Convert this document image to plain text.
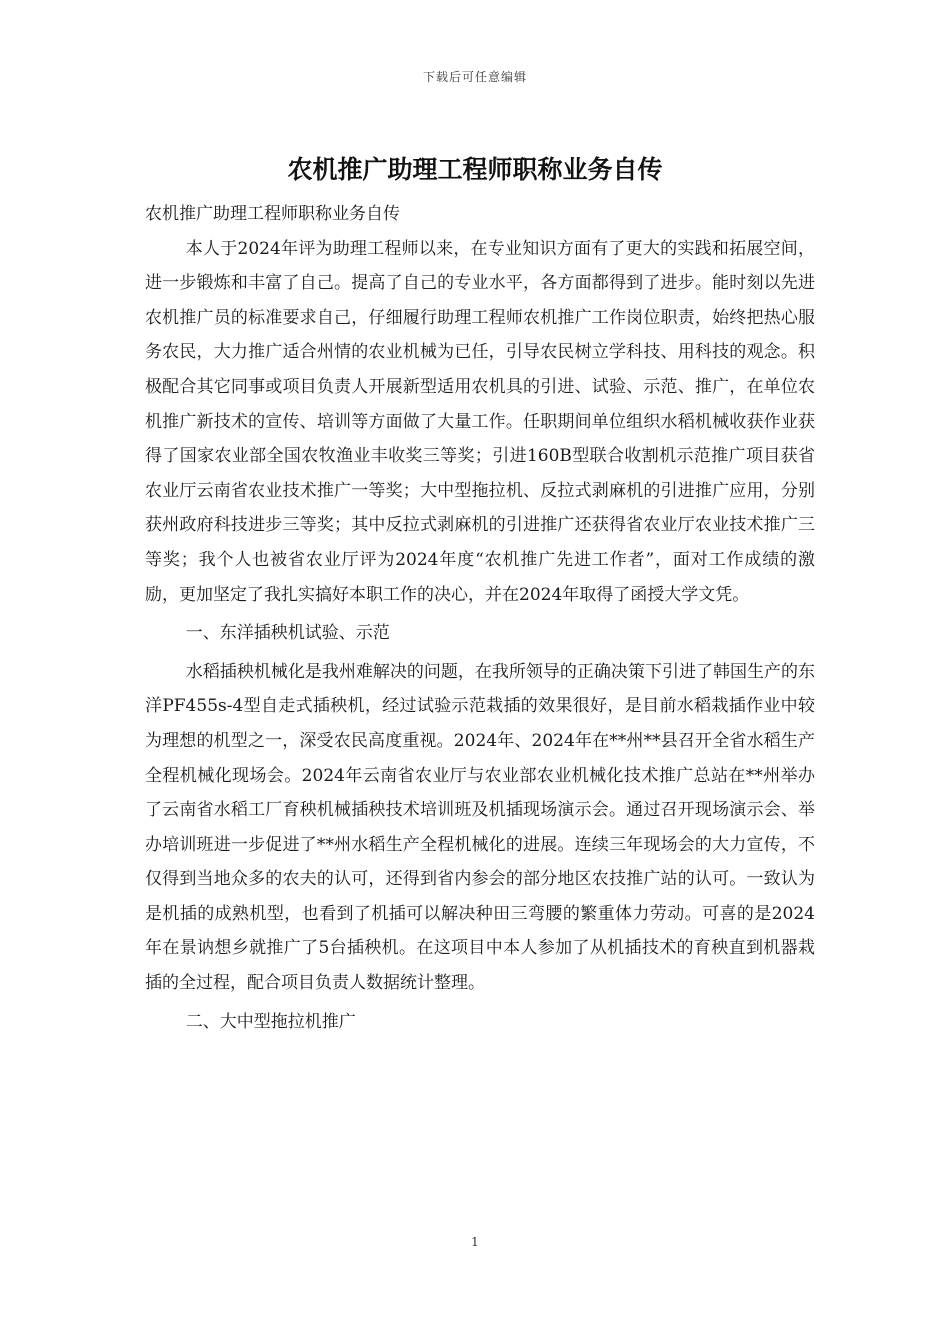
下载后可任意编辑
农机推广助理工程师职称业务自传

农机推广助理工程师职称业务自传

本人于2024年评为助理工程师以来，在专业知识方面有了更大的实践和拓展空间，进一步锻炼和丰富了自己。提高了自己的专业水平，各方面都得到了进步。能时刻以先进农机推广员的标准要求自己，仔细履行助理工程师农机推广工作岗位职责，始终把热心服务农民，大力推广适合州情的农业机械为已任，引导农民树立学科技、用科技的观念。积极配合其它同事或项目负责人开展新型适用农机具的引进、试验、示范、推广，在单位农机推广新技术的宣传、培训等方面做了大量工作。任职期间单位组织水稻机械收获作业获得了国家农业部全国农牧渔业丰收奖三等奖；引进160B型联合收割机示范推广项目获省农业厅云南省农业技术推广一等奖；大中型拖拉机、反拉式剥麻机的引进推广应用，分别获州政府科技进步三等奖；其中反拉式剥麻机的引进推广还获得省农业厅农业技术推广三等奖；我个人也被省农业厅评为2024年度“农机推广先进工作者”，面对工作成绩的激励，更加坚定了我扎实搞好本职工作的决心，并在2024年取得了函授大学文凭。

一、东洋插秧机试验、示范

水稻插秧机械化是我州难解决的问题，在我所领导的正确决策下引进了韩国生产的东洋PF455s-4型自走式插秧机，经过试验示范栽插的效果很好，是目前水稻栽插作业中较为理想的机型之一，深受农民高度重视。2024年、2024年在**州**县召开全省水稻生产全程机械化现场会。2024年云南省农业厅与农业部农业机械化技术推广总站在**州举办了云南省水稻工厂育秧机械插秧技术培训班及机插现场演示会。通过召开现场演示会、举办培训班进一步促进了**州水稻生产全程机械化的进展。连续三年现场会的大力宣传，不仅得到当地众多的农夫的认可，还得到省内参会的部分地区农技推广站的认可。一致认为是机插的成熟机型，也看到了机插可以解决种田三弯腰的繁重体力劳动。可喜的是2024年在景讷想乡就推广了5台插秧机。在这项目中本人参加了从机插技术的育秧直到机器栽插的全过程，配合项目负责人数据统计整理。

二、大中型拖拉机推广

1
